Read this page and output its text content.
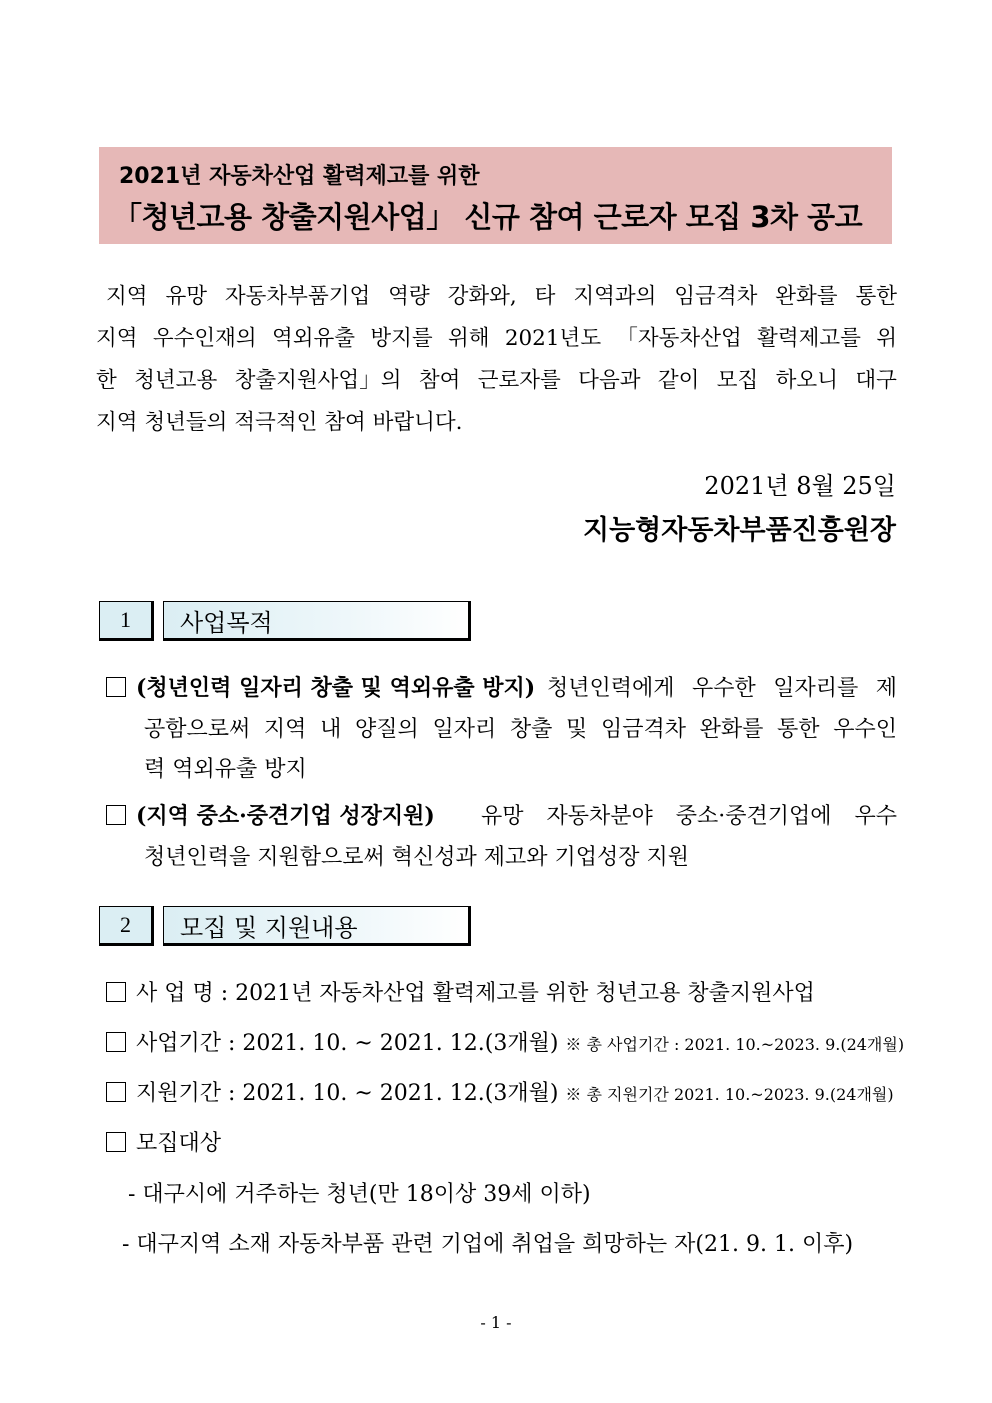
2021년 자동차산업 활력제고를 위한
「청년고용 창출지원사업」 신규 참여 근로자 모집 3차 공고
지역 유망 자동차부품기업 역량 강화와, 타 지역과의 임금격차 완화를 통한
지역 우수인재의 역외유출 방지를 위해 2021년도 「자동차산업 활력제고를 위
한 청년고용 창출지원사업」의 참여 근로자를 다음과 같이 모집 하오니 대구
지역 청년들의 적극적인 참여 바랍니다.
2021년 8월 25일
지능형자동차부품진흥원장
1	사업목적
(청년인력 일자리 창출 및 역외유출 방지) 청년인력에게 우수한 일자리를 제
공함으로써 지역 내 양질의 일자리 창출 및 임금격차 완화를 통한 우수인
력 역외유출 방지
(지역 중소·중견기업 성장지원) 유망 자동차분야 중소·중견기업에 우수
청년인력을 지원함으로써 혁신성과 제고와 기업성장 지원
2	모집 및 지원내용
사 업 명 : 2021년 자동차산업 활력제고를 위한 청년고용 창출지원사업
사업기간 : 2021. 10. ~ 2021. 12.(3개월) ※ 총 사업기간 : 2021. 10.~2023. 9.(24개월)
지원기간 : 2021. 10. ~ 2021. 12.(3개월) ※ 총 지원기간 2021. 10.~2023. 9.(24개월)
모집대상
- 대구시에 거주하는 청년(만 18이상 39세 이하)
- 대구지역 소재 자동차부품 관련 기업에 취업을 희망하는 자(21. 9. 1. 이후)
- 1 -
